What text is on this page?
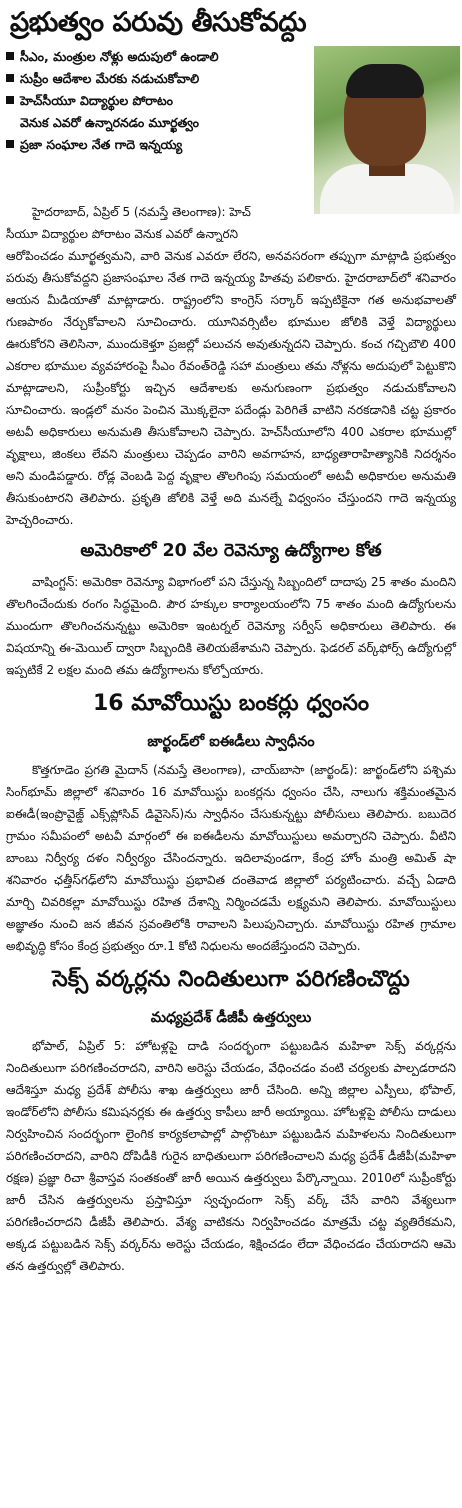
ప్రభుత్వం పరువు తీసుకోవద్దు
సీఎం, మంత్రుల నోళ్లు అదుపులో ఉండాలి
సుప్రీం ఆదేశాల మేరకు నడుచుకోవాలి
హెచ్‌సీయూ విద్యార్థుల పోరాటం
వెనుక ఎవరో ఉన్నారనడం మూర్ఖత్వం
ప్రజా సంఘాల నేత గాదె ఇన్నయ్య
హైదరాబాద్‌, ఏప్రిల్‌ 5 (నమస్తే తెలంగాణ): హెచ్‌
సీయూ విద్యార్థుల పోరాటం వెనుక ఎవరో ఉన్నారని

ఆరోపించడం మూర్ఖత్వమని, వారి వెనుక ఎవరూ లేరని, అనవసరంగా తప్పుగా మాట్లాడి ప్రభుత్వం పరువు తీసుకోవద్దని ప్రజాసంఘాల నేత గాదె ఇన్నయ్య హితవు పలికారు. హైదరాబాద్‌లో శనివారం ఆయన మీడియాతో మాట్లాడారు. రాష్ట్రంలోని కాంగ్రెస్‌ సర్కార్‌ ఇప్పటికైనా గత అనుభవాలతో గుణపాఠం నేర్చుకోవాలని సూచించారు. యూనివర్సిటీల భూముల జోలికి వెళ్తే విద్యార్థులు ఊరుకోరని తెలిసినా, ముందుకెళ్తూ ప్రజల్లో పలుచన అవుతున్నదని చెప్పారు. కంచ గచ్చిబౌలి 400 ఎకరాల భూముల వ్యవహారంపై సీఎం రేవంత్‌రెడ్డి సహా మంత్రులు తమ నోళ్లను అదుపులో పెట్టుకొని మాట్లాడాలని, సుప్రీంకోర్టు ఇచ్చిన ఆదేశాలకు అనుగుణంగా ప్రభుత్వం నడుచుకోవాలని సూచించారు. ఇండ్లలో మనం పెంచిన మొక్కలైనా పదేండ్లు పెరిగితే వాటిని నరకడానికి చట్ట ప్రకారం అటవీ అధికారులు అనుమతి తీసుకోవాలని చెప్పారు. హెచ్‌సీయూలోని 400 ఎకరాల భూముల్లో వృక్షాలు, జింకలు లేవని మంత్రులు చెప్పడం వారిని అవగాహన, బాధ్యతారాహిత్యానికి నిదర్శనం అని మండిపడ్డారు. రోడ్ల వెంబడి పెద్ద వృక్షాల తొలగింపు సమయంలో అటవీ అధికారుల అనుమతి తీసుకుంటారని తెలిపారు. ప్రకృతి జోలికి వెళ్తే అది మనల్నే విధ్వంసం చేస్తుందని గాదె ఇన్నయ్య హెచ్చరించారు.

అమెరికాలో 20 వేల రెవెన్యూ ఉద్యోగాల కోత

వాషింగ్టన్‌: అమెరికా రెవెన్యూ విభాగంలో పని చేస్తున్న సిబ్బందిలో దాదాపు 25 శాతం మందిని తొలగించేందుకు రంగం సిద్ధమైంది. పౌర హక్కుల కార్యాలయంలోని 75 శాతం మంది ఉద్యోగులను ముందుగా తొలగించనున్నట్టు అమెరికా ఇంటర్నల్‌ రెవెన్యూ సర్వీస్‌ అధికారులు తెలిపారు. ఈ విషయాన్ని ఈ-మెయిల్‌ ద్వారా సిబ్బందికి తెలియజేశామని చెప్పారు. ఫెడరల్‌ వర్క్‌ఫోర్స్‌ ఉద్యోగుల్లో ఇప్పటికే 2 లక్షల మంది తమ ఉద్యోగాలను కోల్పోయారు.

16 మావోయిస్టు బంకర్లు ధ్వంసం
జార్ఖండ్‌లో ఐఈడీలు స్వాధీనం

కొత్తగూడెం ప్రగతి మైదాన్‌ (నమస్తే తెలంగాణ), చాయ్‌బాసా (జార్ఖండ్‌): జార్ఖండ్‌లోని పశ్చిమ సింగ్‌భూమ్‌ జిల్లాలో శనివారం 16 మావోయిస్టు బంకర్లను ధ్వంసం చేసి, నాలుగు శక్తిమంతమైన ఐఈడీ(ఇంప్రొవైజ్డ్‌ ఎక్స్‌ప్లోసివ్‌ డివైసెస్‌)ను స్వాధీనం చేసుకున్నట్టు పోలీసులు తెలిపారు. బబుదెర గ్రామం సమీపంలో అటవీ మార్గంలో ఈ ఐఈడీలను మావోయిస్టులు అమర్చారని చెప్పారు. వీటిని బాంబు నిర్వీర్య దళం నిర్వీర్యం చేసిందన్నారు. ఇదిలావుండగా, కేంద్ర హోం మంత్రి అమిత్‌ షా శనివారం ఛత్తీస్‌గఢ్‌లోని మావోయిస్టు ప్రభావిత దంతెవాడ జిల్లాలో పర్యటించారు. వచ్చే ఏడాది మార్చి చివరికల్లా మావోయిస్టు రహిత దేశాన్ని నిర్మించడమే లక్ష్యమని తెలిపారు. మావోయిస్టులు అజ్ఞాతం నుంచి జన జీవన స్రవంతిలోకి రావాలని పిలుపునిచ్చారు. మావోయిస్టు రహిత గ్రామాల అభివృద్ధి కోసం కేంద్ర ప్రభుత్వం రూ.1 కోటి నిధులను అందజేస్తుందని చెప్పారు.

సెక్స్‌ వర్కర్లను నిందితులుగా పరిగణించొద్దు
మధ్యప్రదేశ్‌ డీజీపీ ఉత్తర్వులు

భోపాల్‌, ఏప్రిల్‌ 5: హోటళ్లపై దాడి సందర్భంగా పట్టుబడిన మహిళా సెక్స్‌ వర్కర్లను నిందితులుగా పరిగణించరాదని, వారిని అరెస్టు చేయడం, వేధించడం వంటి చర్యలకు పాల్పడరాదని ఆదేశిస్తూ మధ్య ప్రదేశ్‌ పోలీసు శాఖ ఉత్తర్వులు జారీ చేసింది. అన్ని జిల్లాల ఎస్పీలు, భోపాల్‌, ఇండోర్‌లోని పోలీసు కమిషనర్లకు ఈ ఉత్తర్వు కాపీలు జారీ అయ్యాయి. హోటళ్లపై పోలీసు దాడులు నిర్వహించిన సందర్భంగా లైంగిక కార్యకలాపాల్లో పాల్గొంటూ పట్టుబడిన మహిళలను నిందితులుగా పరిగణించరాదని, వారిని దోపిడీకి గురైన బాధితులుగా పరిగణించాలని మధ్య ప్రదేశ్‌ డీజీపీ(మహిళా రక్షణ) ప్రజ్ఞా రిచా శ్రీవాస్తవ సంతకంతో జారీ అయిన ఉత్తర్వులు పేర్కొన్నాయి. 2010లో సుప్రీంకోర్టు జారీ చేసిన ఉత్తర్వులను ప్రస్తావిస్తూ స్వచ్ఛందంగా సెక్స్‌ వర్క్‌ చేసే వారిని వేశ్యలుగా పరిగణించరాదని డీజీపీ తెలిపారు. వేశ్య వాటికను నిర్వహించడం మాత్రమే చట్ట వ్యతిరేకమని, అక్కడ పట్టుబడిన సెక్స్‌ వర్కర్‌ను అరెస్టు చేయడం, శిక్షించడం లేదా వేధించడం చేయరాదని ఆమె తన ఉత్తర్వుల్లో తెలిపారు.
